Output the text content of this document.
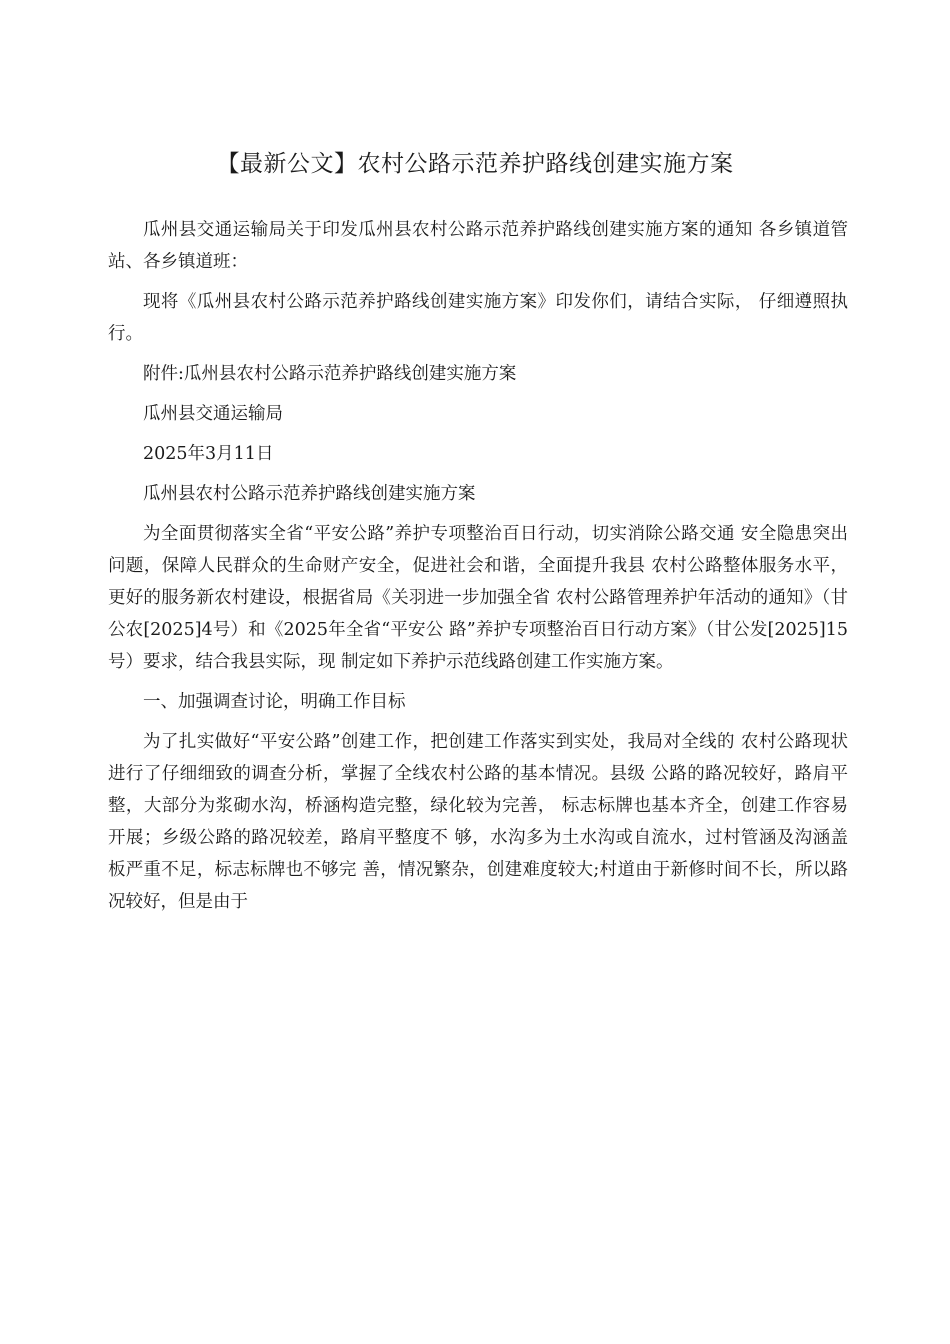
【最新公文】农村公路示范养护路线创建实施方案

瓜州县交通运输局关于印发瓜州县农村公路示范养护路线创建实施方案的通知 各乡镇道管站、各乡镇道班：

现将《瓜州县农村公路示范养护路线创建实施方案》印发你们，请结合实际， 仔细遵照执行。

附件:瓜州县农村公路示范养护路线创建实施方案

瓜州县交通运输局

2025年3月11日

瓜州县农村公路示范养护路线创建实施方案

为全面贯彻落实全省“平安公路”养护专项整治百日行动，切实消除公路交通 安全隐患突出问题，保障人民群众的生命财产安全，促进社会和谐，全面提升我县 农村公路整体服务水平，更好的服务新农村建设，根据省局《关羽进一步加强全省 农村公路管理养护年活动的通知》（甘公农[2025]4号）和《2025年全省“平安公 路”养护专项整治百日行动方案》（甘公发[2025]15号）要求，结合我县实际，现 制定如下养护示范线路创建工作实施方案。

一、加强调查讨论，明确工作目标

为了扎实做好“平安公路”创建工作，把创建工作落实到实处，我局对全线的 农村公路现状进行了仔细细致的调查分析，掌握了全线农村公路的基本情况。县级 公路的路况较好，路肩平整，大部分为浆砌水沟，桥涵构造完整，绿化较为完善， 标志标牌也基本齐全，创建工作容易开展；乡级公路的路况较差，路肩平整度不 够，水沟多为土水沟或自流水，过村管涵及沟涵盖板严重不足，标志标牌也不够完 善，情况繁杂，创建难度较大;村道由于新修时间不长，所以路况较好，但是由于
